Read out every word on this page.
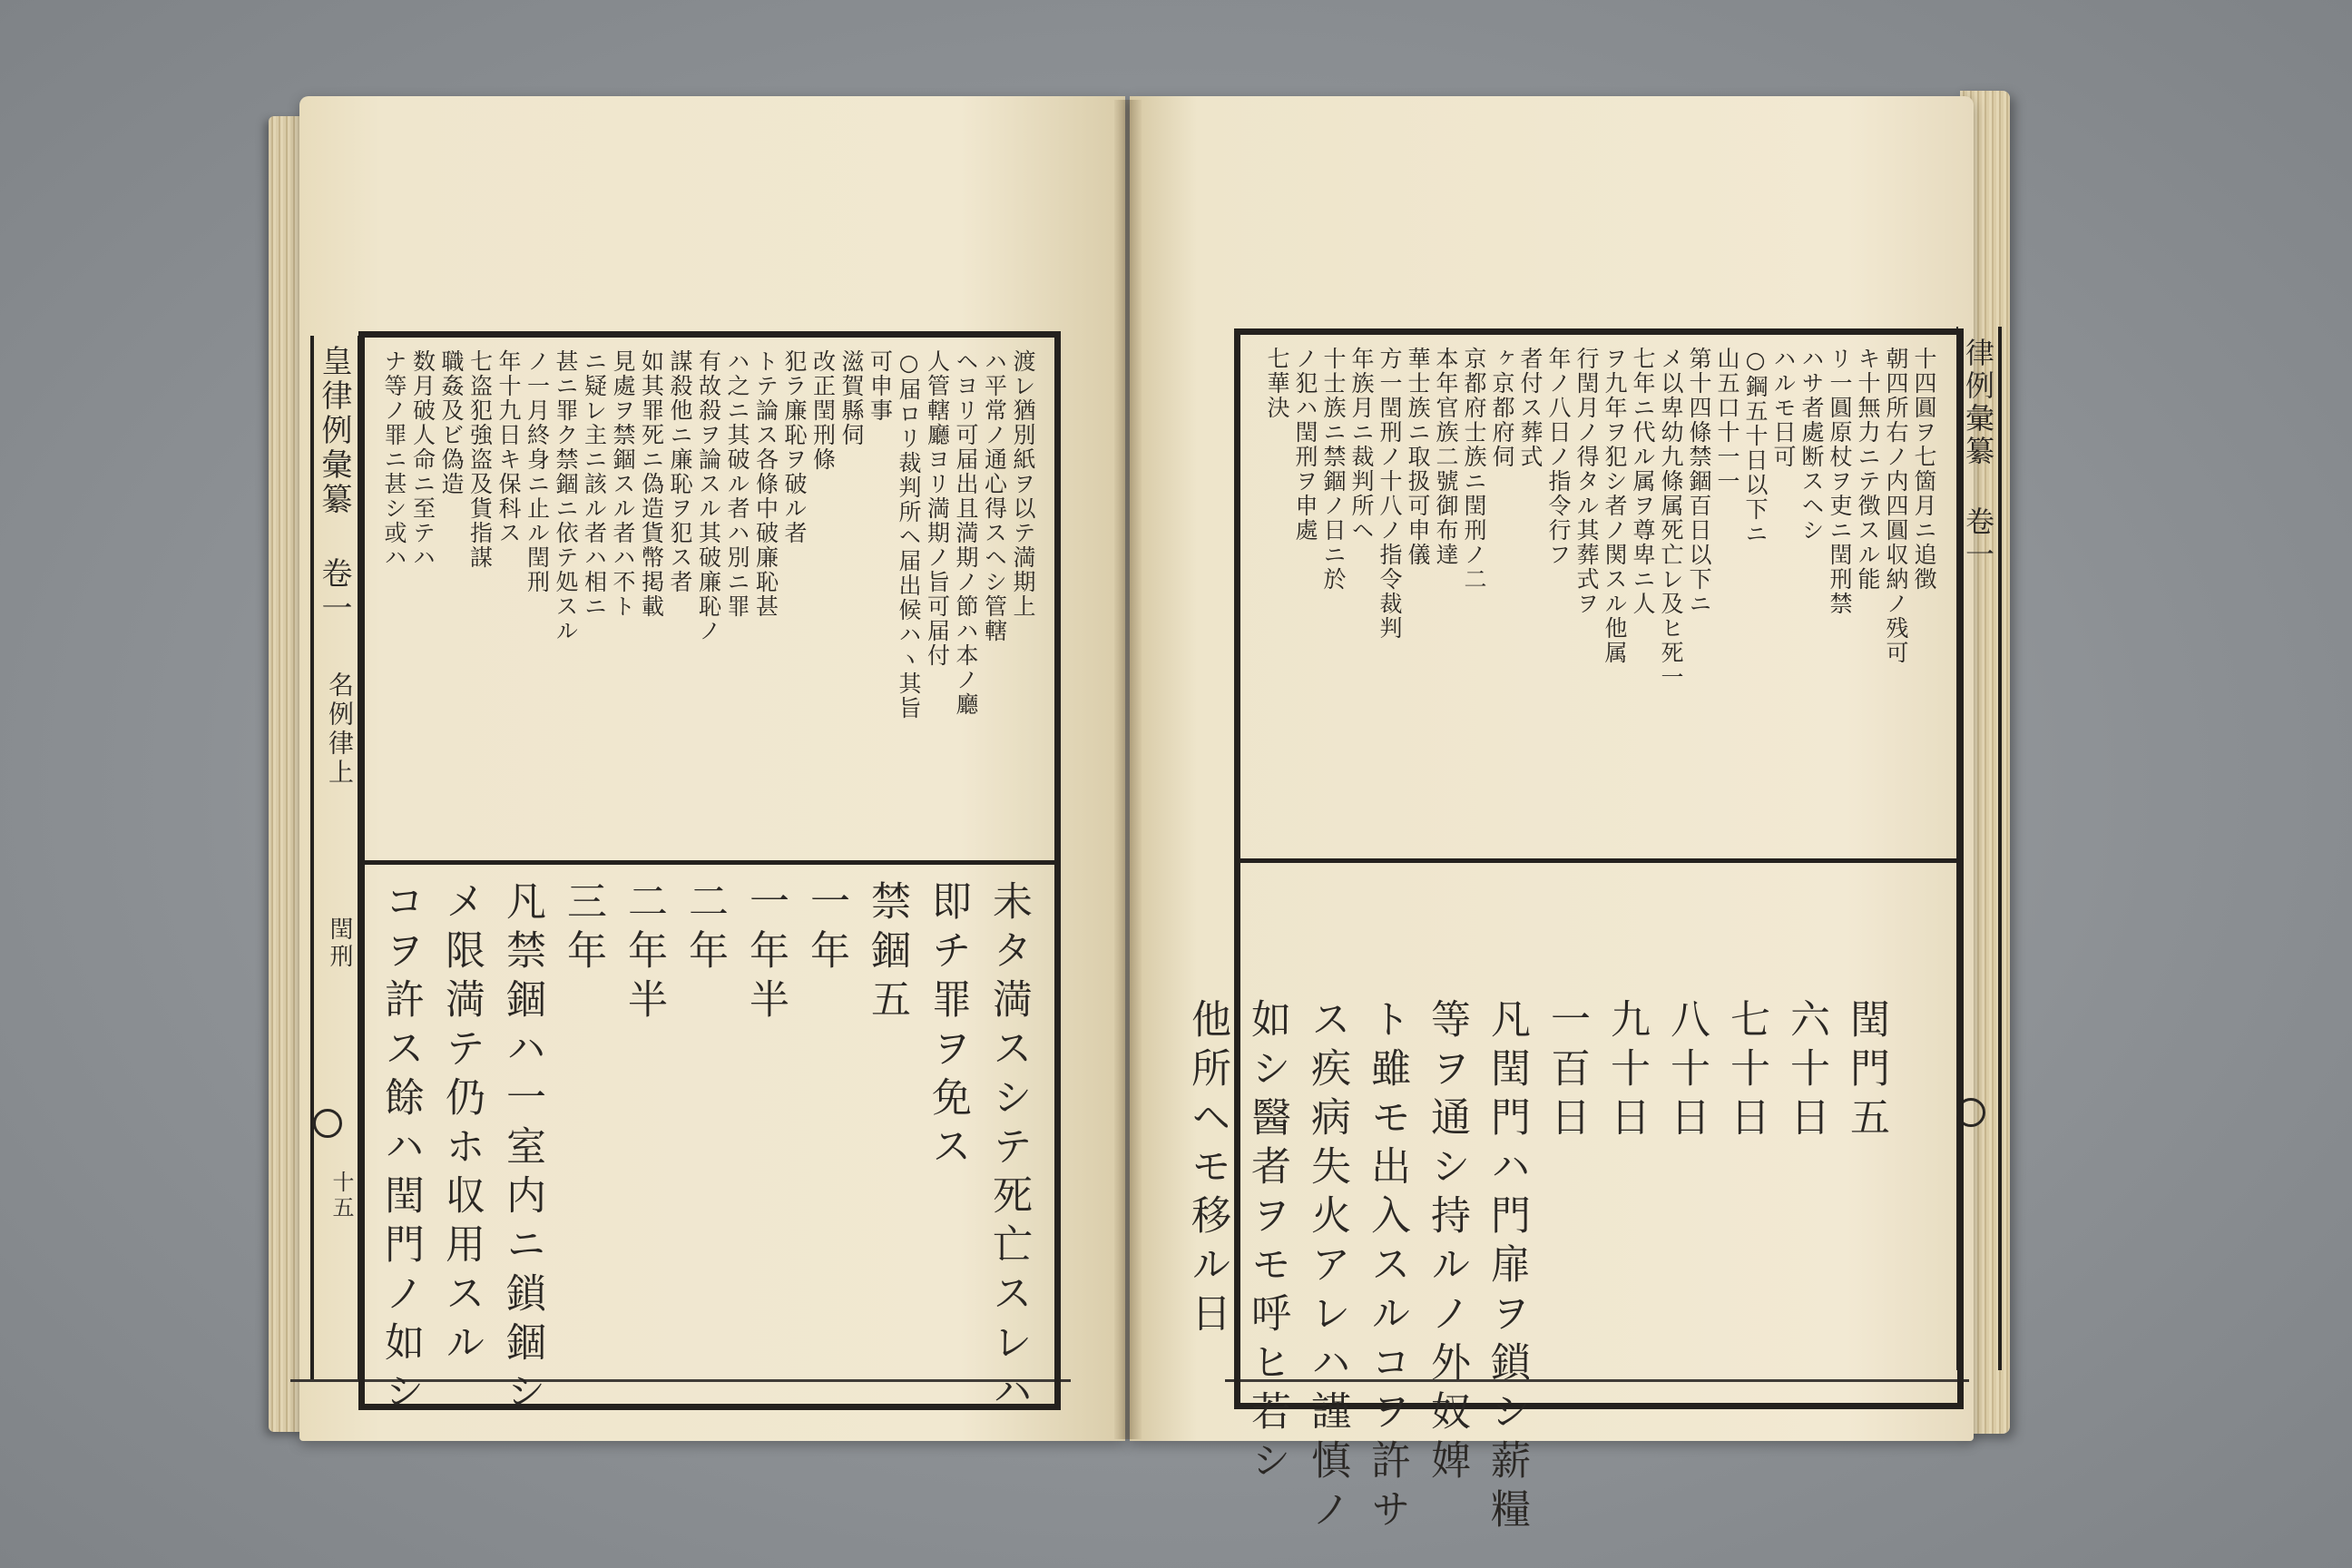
皇律例彙纂 卷一
名例律上
閏刑
十五
渡レ猶別紙ヲ以テ満期上
ハ平常ノ通心得スヘシ管轄
ヘヨリ可届出且満期ノ節ハ本ノ廳
人管轄廳ヨリ満期ノ旨可届付
○届ロリ裁判所ヘ届出候ハヽ其旨
可申事
滋賀縣伺
改正閏刑條
犯ラ廉恥ヲ破ル者
トテ論ス各條中破廉恥甚
ハ之ニ其破ル者ハ別ニ罪
有故殺ヲ論スル其破廉恥ノ
謀殺他ニ廉恥ヲ犯ス者
如其罪死ニ偽造貨幣掲載
見處ヲ禁錮スル者ハ不ト
ニ疑レ主ニ該ル者ハ相ニ
甚ニ罪ク禁錮ニ依テ処スル
ノ一月終身ニ止ル閏刑
年十九日キ保科ス
七盗犯強盗及貨指謀
職姦及ビ偽造
数月破人命ニ至テハ
ナ等ノ罪ニ甚シ或ハ
未タ満スシテ死亡スレハ
即チ罪ヲ免ス
禁錮五
一年
一年半
二年
二年半
三年
凡禁錮ハ一室内ニ鎖錮シ
メ限満テ仍ホ収用スル
コヲ許ス餘ハ閏門ノ如シ
律例彙纂 卷一
十四圓ヲ七箇月ニ追徴
朝四所右ノ内四圓収納ノ残可
キ十無力ニテ徴スル能
リ一圓原杖ヲ吏ニ閏刑禁
ハサ者處断スヘシ
ハルモ日可
○鋼五十日以下ニ
山五口十一一
第十四條禁錮百日以下ニ
メ以卑幼九條属死亡レ及ヒ死一
七年ニ代ル属ヲ尊卑ニ人
ヲ九年ヲ犯シ者ノ関スル他属
行閏月ノ得タル其葬式ヲ
年ノ八日ノ指令行フ
者付ス葬式
ヶ京都府伺
京都府士族ニ閏刑ノ二
本年官族二號御布達
華士族ニ取扱可申儀
方一閏刑ノ十八ノ指令裁判
年族月ニ裁判所ヘ
十士族ニ禁錮ノ日ニ於
ノ犯ハ閏刑ヲ申處
七華決
閏門五
六十日
七十日
八十日
九十日
一百日
凡閏門ハ門扉ヲ鎖シ薪糧
等ヲ通シ持ルノ外奴婢
ト雖モ出入スルコヲ許サ
ス疾病失火アレハ謹慎ノ
如シ醫者ヲモ呼ヒ若シ
他所ヘモ移ル日
